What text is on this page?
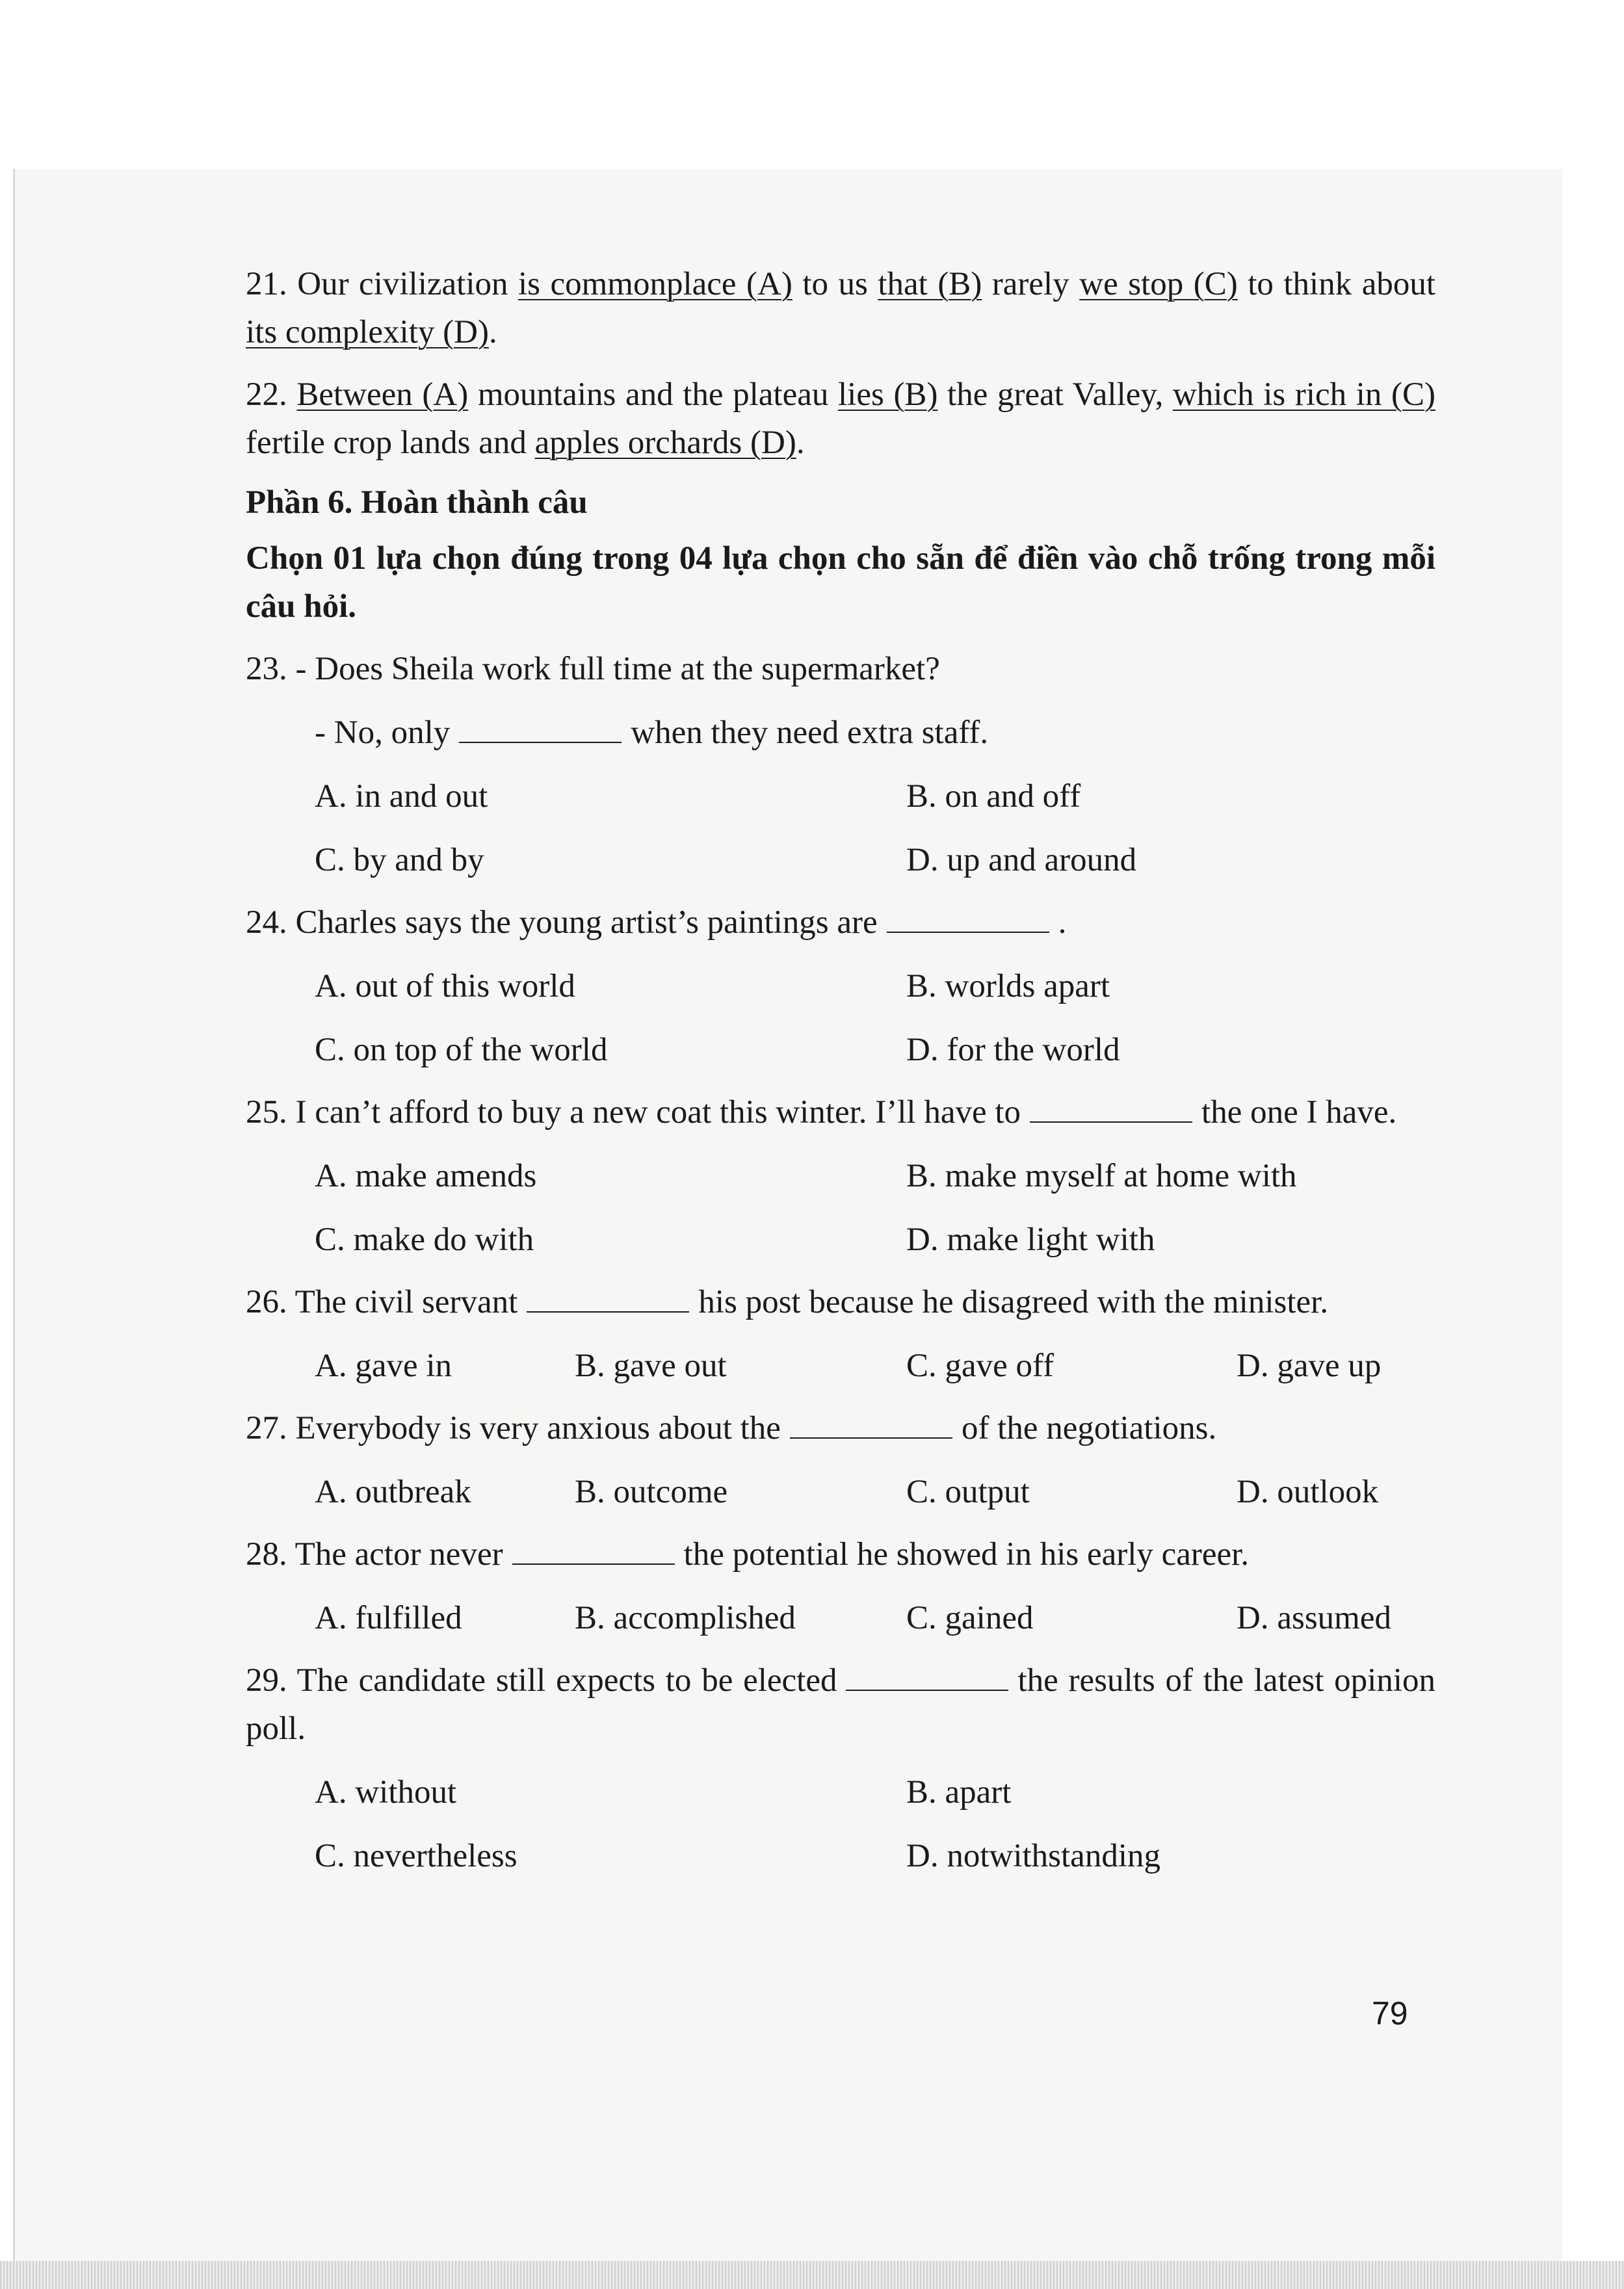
21. Our civilization is commonplace (A) to us that (B) rarely we stop (C) to think about its complexity (D).

22. Between (A) mountains and the plateau lies (B) the great Valley, which is rich in (C) fertile crop lands and apples orchards (D).

Phần 6. Hoàn thành câu

Chọn 01 lựa chọn đúng trong 04 lựa chọn cho sẵn để điền vào chỗ trống trong mỗi câu hỏi.

23. - Does Sheila work full time at the supermarket?

- No, only	when they need extra staff.

A. in and out	B. on and off
C. by and by	D. up and around

24. Charles says the young artist’s paintings are	.

A. out of this world	B. worlds apart
C. on top of the world	D. for the world

25. I can’t afford to buy a new coat this winter. I’ll have to	the one I have.

A. make amends	B. make myself at home with
C. make do with	D. make light with

26. The civil servant	his post because he disagreed with the minister.

A. gave in	B. gave out	C. gave off	D. gave up

27. Everybody is very anxious about the	of the negotiations.

A. outbreak	B. outcome	C. output	D. outlook

28. The actor never	the potential he showed in his early career.

A. fulfilled	B. accomplished	C. gained	D. assumed

29. The candidate still expects to be elected	the results of the latest opinion poll.

A. without	B. apart
C. nevertheless	D. notwithstanding
79
